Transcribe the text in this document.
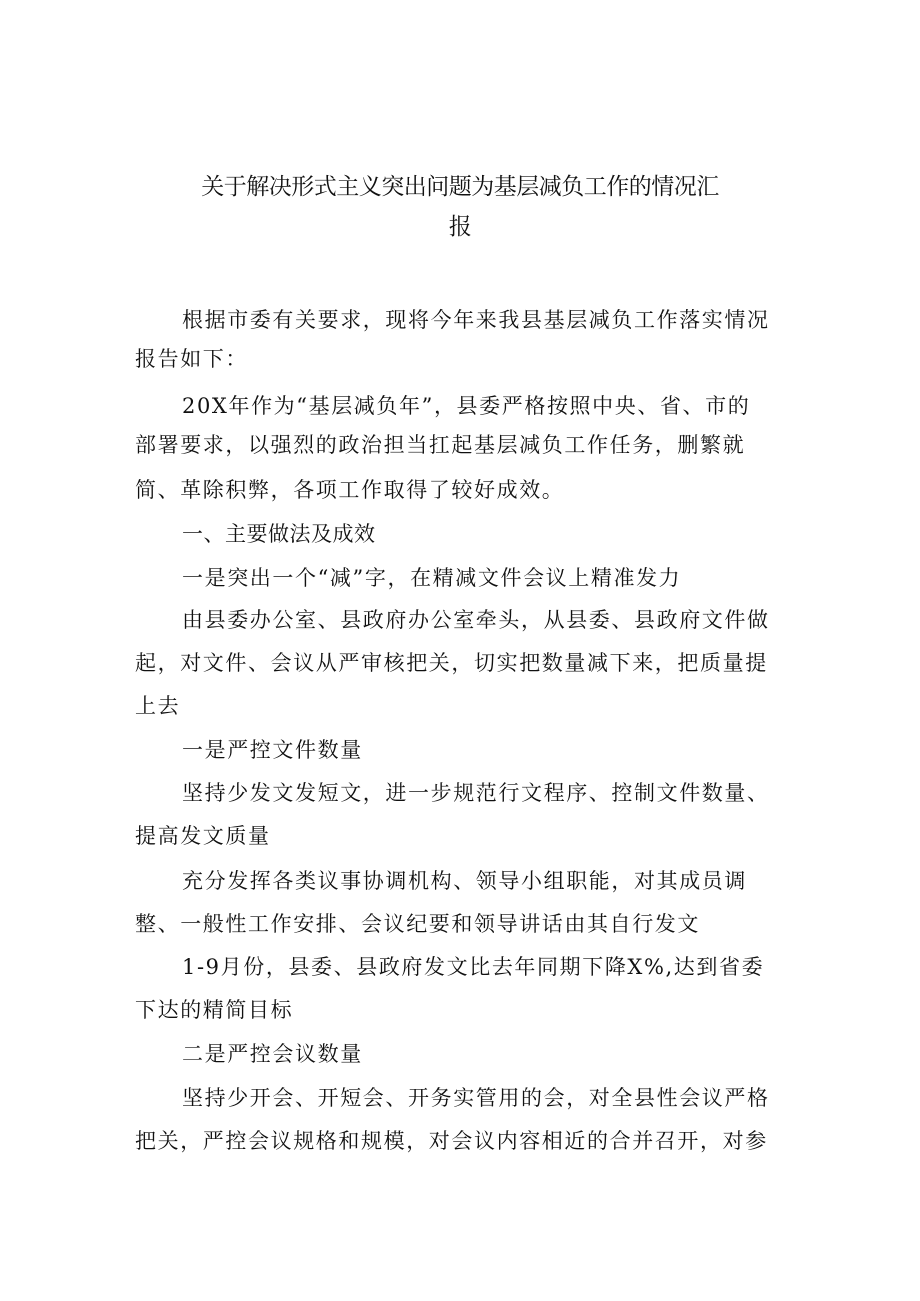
关于解决形式主义突出问题为基层减负工作的情况汇
报
根据市委有关要求，现将今年来我县基层减负工作落实情况
报告如下：
20X年作为“基层减负年”，县委严格按照中央、省、市的
部署要求，以强烈的政治担当扛起基层减负工作任务，删繁就
简、革除积弊，各项工作取得了较好成效。
一、主要做法及成效
一是突出一个“减”字，在精减文件会议上精准发力
由县委办公室、县政府办公室牵头，从县委、县政府文件做
起，对文件、会议从严审核把关，切实把数量减下来，把质量提
上去
一是严控文件数量
坚持少发文发短文，进一步规范行文程序、控制文件数量、
提高发文质量
充分发挥各类议事协调机构、领导小组职能，对其成员调
整、一般性工作安排、会议纪要和领导讲话由其自行发文
1-9月份，县委、县政府发文比去年同期下降X%,达到省委
下达的精简目标
二是严控会议数量
坚持少开会、开短会、开务实管用的会，对全县性会议严格
把关，严控会议规格和规模，对会议内容相近的合并召开，对参
